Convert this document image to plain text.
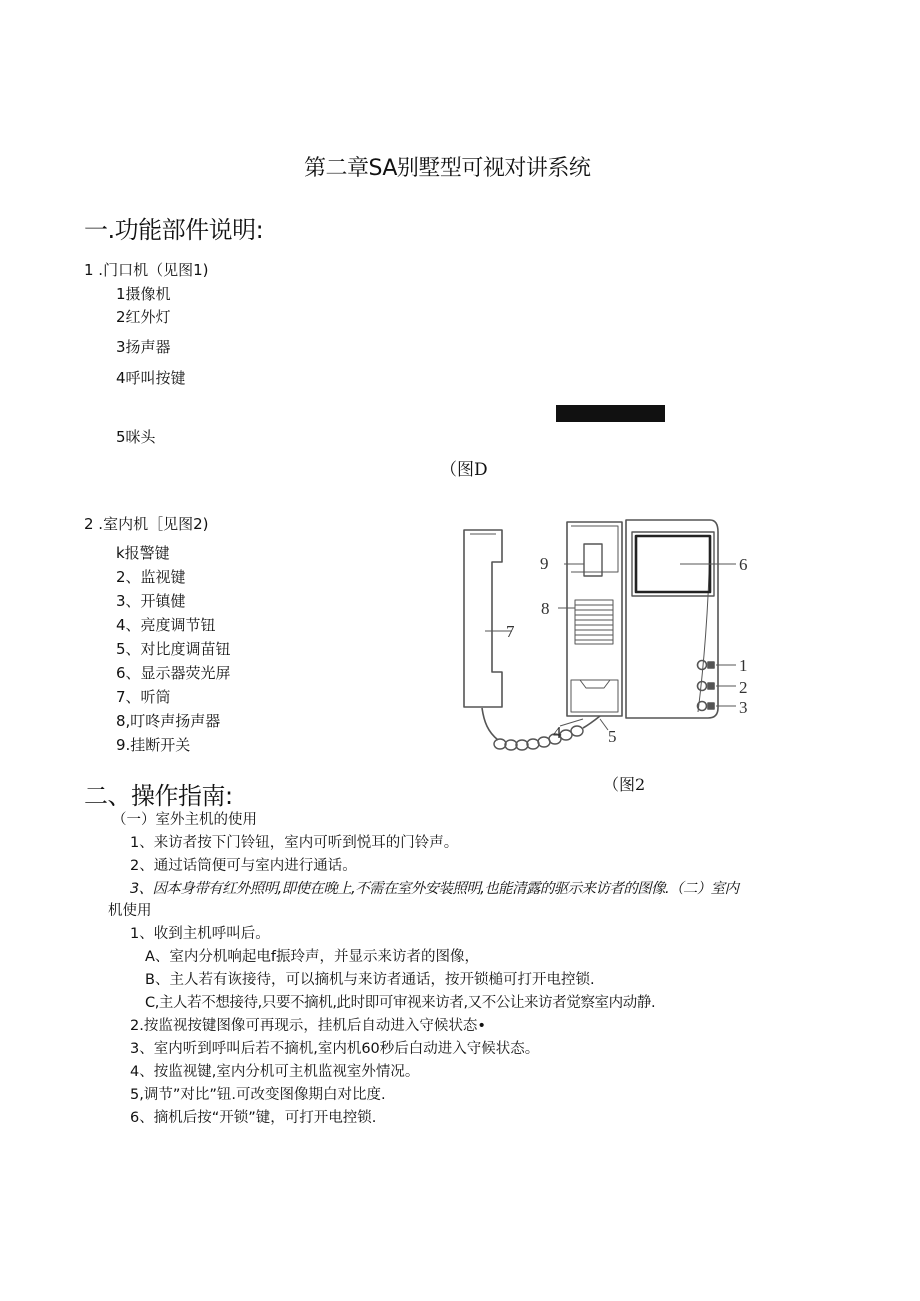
第二章SA别墅型可视对讲系统
一.功能部件说明:
1 .门口机（见图1)
1摄像机
2红外灯
3扬声器
4呼叫按键
5咪头
（图D
2 .室内机［见图2)
k报警键
2、监视键
3、开镇健
4、亮度调节钮
5、对比度调苗钮
6、显示器荧光屏
7、听筒
8,叮咚声扬声器
9.挂断开关
1
2
3
4	5
6
7
8
9
（图2
二、操作指南:
（一）室外主机的使用
1、来访者按下门铃钮，室内可听到悦耳的门铃声。
2、通过话筒便可与室内进行通话。
3、因本身带有红外照明,即使在晚上,不需在室外安装照明,也能清露的驱示来访者的图像.（二）室内
机使用
1、收到主机呼叫后。
A、室内分机响起电f振玲声，并显示来访者的图像，
B、主人若有诙接待，可以摘机与来访者通话，按开锁槌可打开电控锁.
C,主人若不想接待,只要不摘机,此时即可审视来访者,又不公让来访者觉察室内动静.
2.按监视按键图像可再现示，挂机后自动进入守候状态•
3、室内听到呼叫后若不摘机,室内机60秒后白动进入守候状态。
4、按监视键,室内分机可主机监视室外情况。
5,调节”对比”钮.可改变图像期白对比度.
6、摘机后按“开锁”键，可打开电控锁.
